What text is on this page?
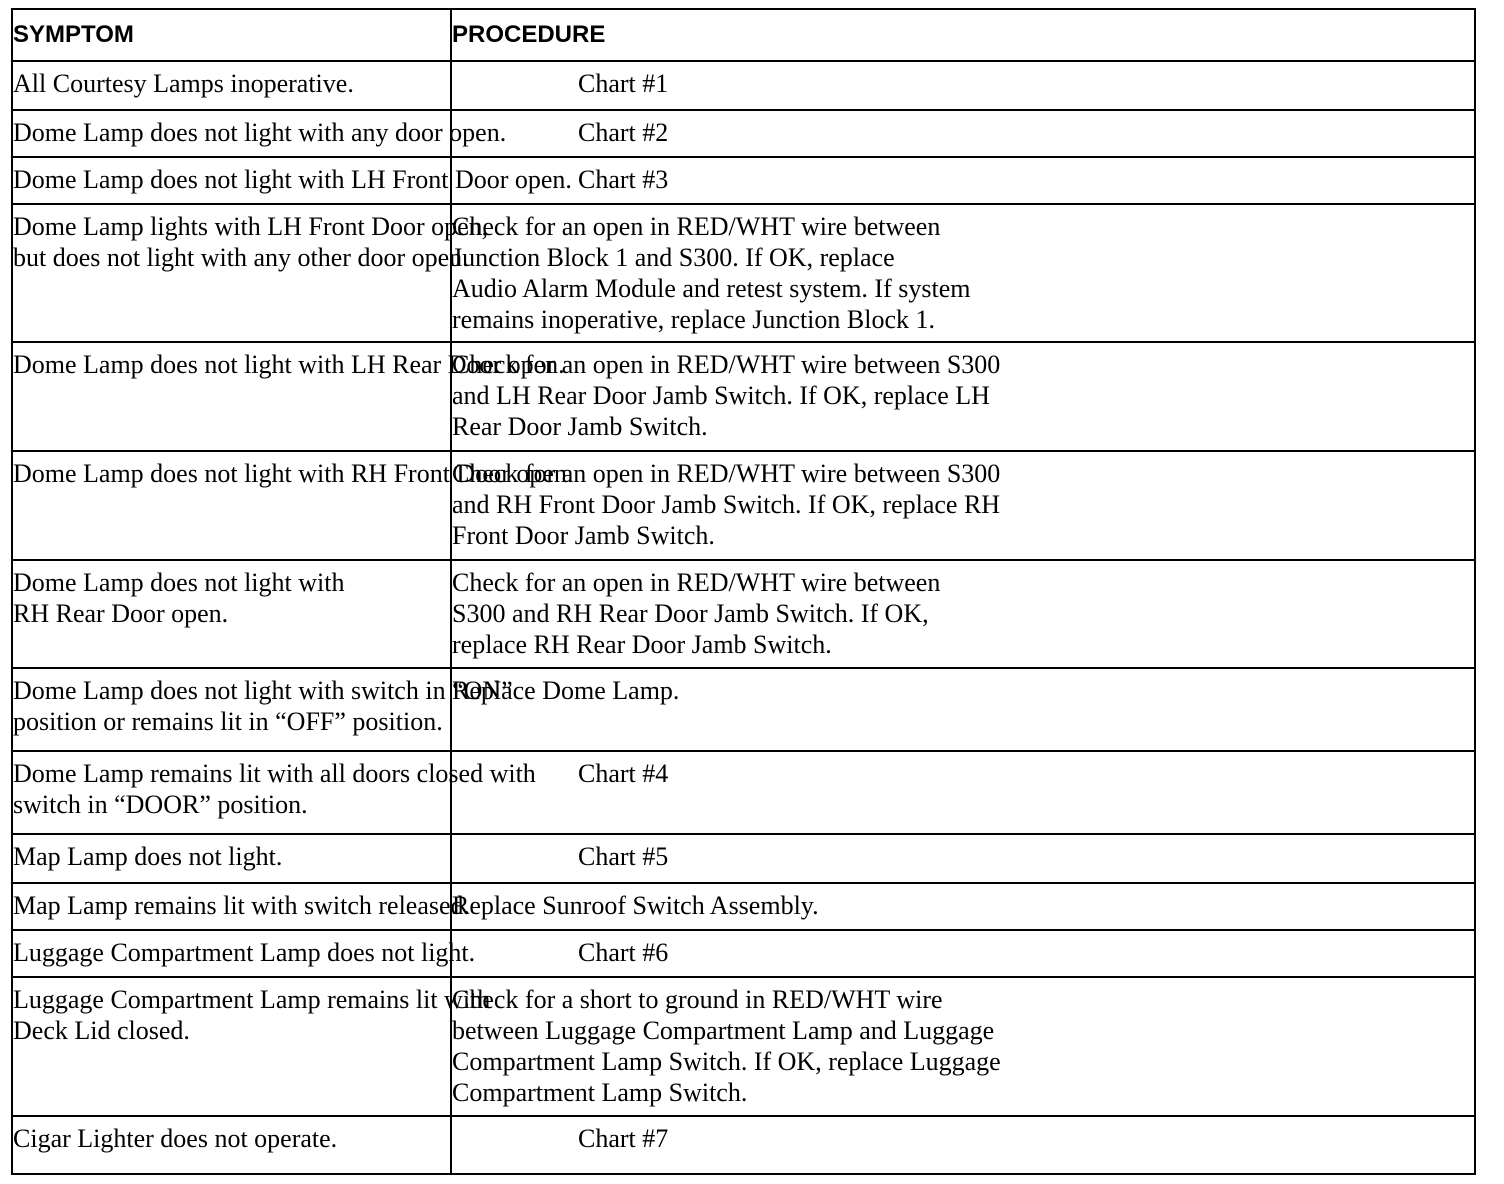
SYMPTOM	PROCEDURE

All Courtesy Lamps inoperative.	Chart #1

Dome Lamp does not light with any door open.	Chart #2

Dome Lamp does not light with LH Front Door open.	Chart #3

Dome Lamp lights with LH Front Door open,
but does not light with any other door open.	Check for an open in RED/WHT wire between
Junction Block 1 and S300. If OK, replace
Audio Alarm Module and retest system. If system
remains inoperative, replace Junction Block 1.

Dome Lamp does not light with LH Rear Door open.	Check for an open in RED/WHT wire between S300
and LH Rear Door Jamb Switch. If OK, replace LH
Rear Door Jamb Switch.

Dome Lamp does not light with RH Front Door open.	Check for an open in RED/WHT wire between S300
and RH Front Door Jamb Switch. If OK, replace RH
Front Door Jamb Switch.

Dome Lamp does not light with
RH Rear Door open.	Check for an open in RED/WHT wire between
S300 and RH Rear Door Jamb Switch. If OK,
replace RH Rear Door Jamb Switch.

Dome Lamp does not light with switch in “ON”
position or remains lit in “OFF” position.	Replace Dome Lamp.

Dome Lamp remains lit with all doors closed with
switch in “DOOR” position.	Chart #4

Map Lamp does not light.	Chart #5

Map Lamp remains lit with switch released.	Replace Sunroof Switch Assembly.

Luggage Compartment Lamp does not light.	Chart #6

Luggage Compartment Lamp remains lit with
Deck Lid closed.	Check for a short to ground in RED/WHT wire
between Luggage Compartment Lamp and Luggage
Compartment Lamp Switch. If OK, replace Luggage
Compartment Lamp Switch.

Cigar Lighter does not operate.	Chart #7
